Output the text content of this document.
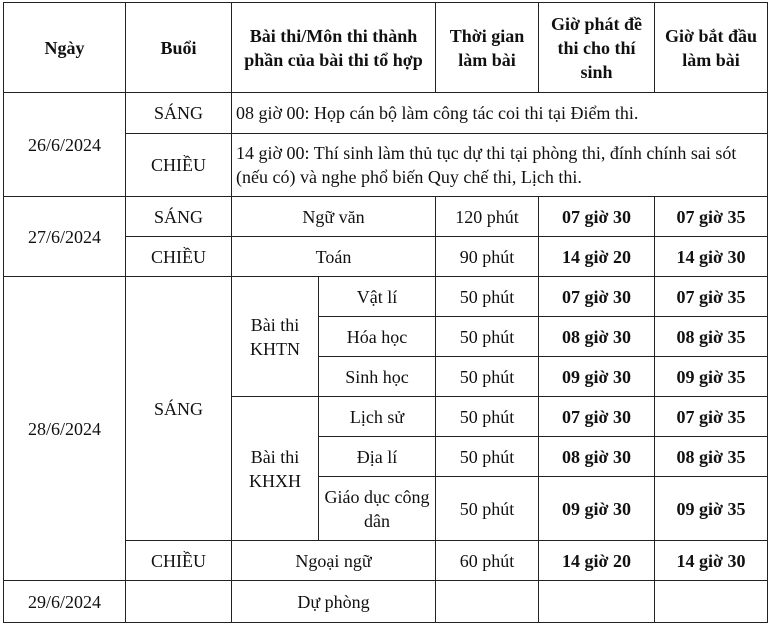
Ngày	Buổi	Bài thi/Môn thi thành phần của bài thi tổ hợp		Thời gian làm bài	Giờ phát đề thi cho thí sinh	Giờ bắt đầu làm bài
26/6/2024	SÁNG	08 giờ 00: Họp cán bộ làm công tác coi thi tại Điểm thi.				
	CHIỀU	14 giờ 00: Thí sinh làm thủ tục dự thi tại phòng thi, đính chính sai sót (nếu có) và nghe phổ biến Quy chế thi, Lịch thi.				
27/6/2024	SÁNG	Ngữ văn		120 phút	07 giờ 30	07 giờ 35
	CHIỀU	Toán		90 phút	14 giờ 20	14 giờ 30
28/6/2024	SÁNG	Bài thi KHTN	Vật lí	50 phút	07 giờ 30	07 giờ 35
			Hóa học	50 phút	08 giờ 30	08 giờ 35
			Sinh học	50 phút	09 giờ 30	09 giờ 35
		Bài thi KHXH	Lịch sử	50 phút	07 giờ 30	07 giờ 35
			Địa lí	50 phút	08 giờ 30	08 giờ 35
			Giáo dục công dân	50 phút	09 giờ 30	09 giờ 35
	CHIỀU	Ngoại ngữ		60 phút	14 giờ 20	14 giờ 30
29/6/2024		Dự phòng				
